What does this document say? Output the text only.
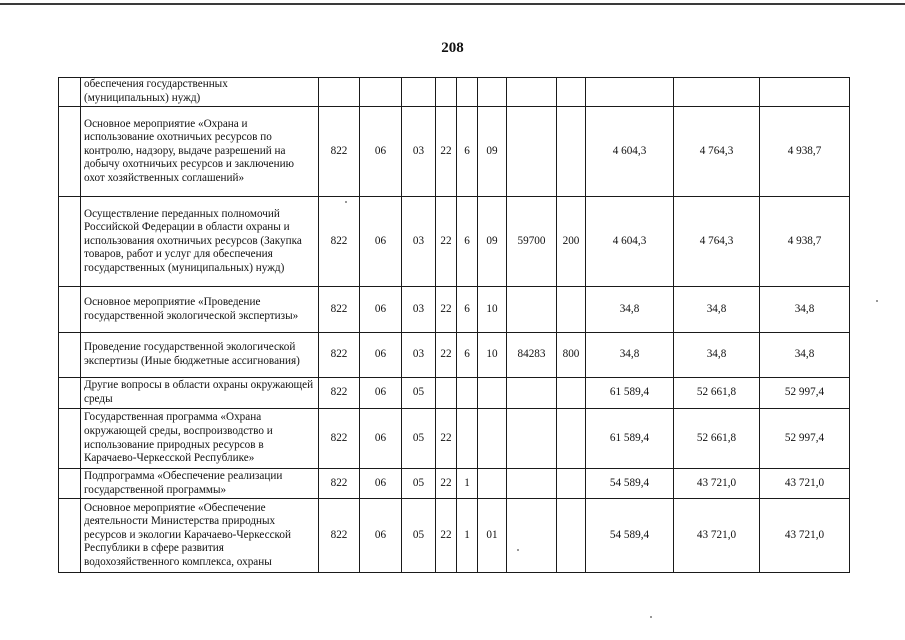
208
	обеспечения государственных (муниципальных) нужд)											
	Основное мероприятие «Охрана и использование охотничьих ресурсов по контролю, надзору, выдаче разрешений на добычу охотничьих ресурсов и заключению охот хозяйственных соглашений»	822	06	03	22	6	09			4 604,3	4 764,3	4 938,7
	Осуществление переданных полномочий Российской Федерации в области охраны и использования охотничьих ресурсов (Закупка товаров, работ и услуг для обеспечения государственных (муниципальных) нужд)	822	06	03	22	6	09	59700	200	4 604,3	4 764,3	4 938,7
	Основное мероприятие «Проведение государственной экологической экспертизы»	822	06	03	22	6	10			34,8	34,8	34,8
	Проведение государственной экологической экспертизы (Иные бюджетные ассигнования)	822	06	03	22	6	10	84283	800	34,8	34,8	34,8
	Другие вопросы в области охраны окружающей среды	822	06	05						61 589,4	52 661,8	52 997,4
	Государственная программа «Охрана окружающей среды, воспроизводство и использование природных ресурсов в Карачаево-Черкесской Республике»	822	06	05	22					61 589,4	52 661,8	52 997,4
	Подпрограмма «Обеспечение реализации государственной программы»	822	06	05	22	1				54 589,4	43 721,0	43 721,0
	Основное мероприятие «Обеспечение деятельности Министерства природных ресурсов и экологии Карачаево-Черкесской Республики в сфере развития водохозяйственного комплекса, охраны	822	06	05	22	1	01			54 589,4	43 721,0	43 721,0
